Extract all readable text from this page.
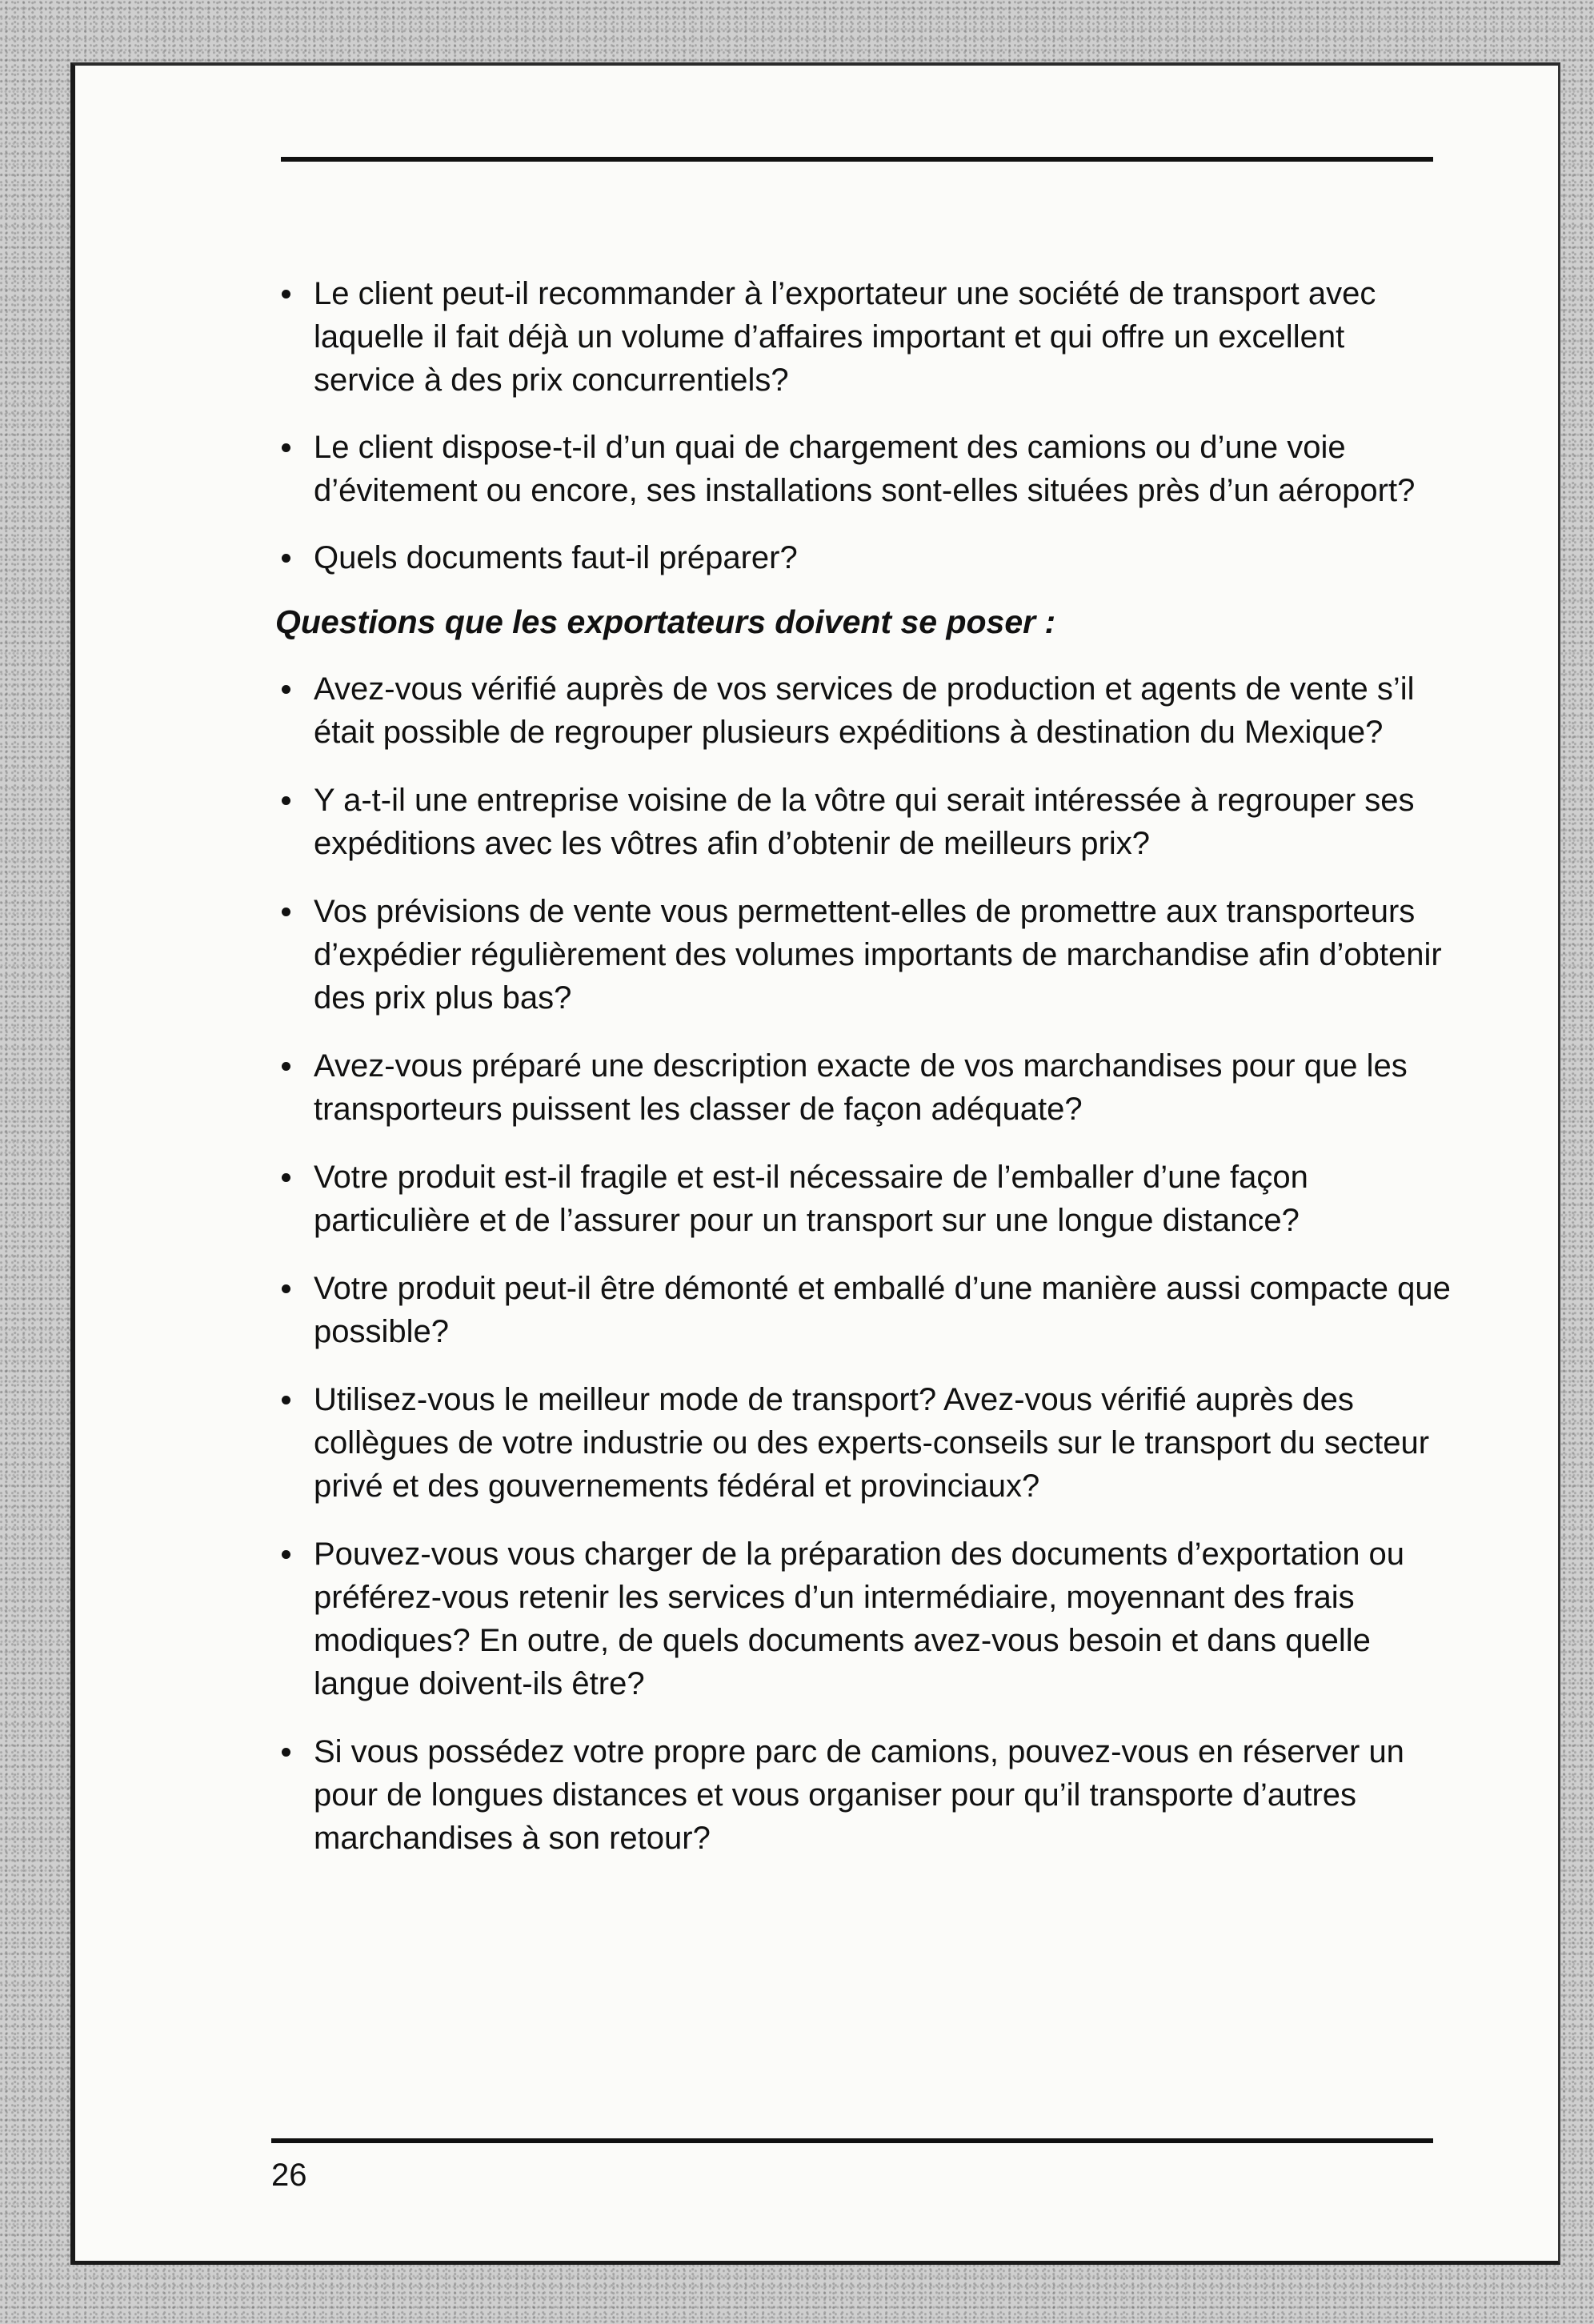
Le client peut-il recommander à l’exportateur une société de transport avec laquelle il fait déjà un volume d’affaires important et qui offre un excellent service à des prix concurrentiels?
Le client dispose-t-il d’un quai de chargement des camions ou d’une voie d’évitement ou encore, ses installations sont-elles situées près d’un aéroport?
Quels documents faut-il préparer?
Questions que les exportateurs doivent se poser :
Avez-vous vérifié auprès de vos services de production et agents de vente s’il était possible de regrouper plusieurs expéditions à destination du Mexique?
Y a-t-il une entreprise voisine de la vôtre qui serait intéressée à regrouper ses expéditions avec les vôtres afin d’obtenir de meilleurs prix?
Vos prévisions de vente vous permettent-elles de promettre aux transporteurs d’expédier régulièrement des volumes importants de marchandise afin d’obtenir des prix plus bas?
Avez-vous préparé une description exacte de vos marchandises pour que les transporteurs puissent les classer de façon adéquate?
Votre produit est-il fragile et est-il nécessaire de l’emballer d’une façon particulière et de l’assurer pour un transport sur une longue distance?
Votre produit peut-il être démonté et emballé d’une manière aussi compacte que possible?
Utilisez-vous le meilleur mode de transport? Avez-vous vérifié auprès des collègues de votre industrie ou des experts-conseils sur le transport du secteur privé et des gouvernements fédéral et provinciaux?
Pouvez-vous vous charger de la préparation des documents d’exportation ou préférez-vous retenir les services d’un intermédiaire, moyennant des frais modiques? En outre, de quels documents avez-vous besoin et dans quelle langue doivent-ils être?
Si vous possédez votre propre parc de camions, pouvez-vous en réserver un pour de longues distances et vous organiser pour qu’il transporte d’autres marchandises à son retour?
26
